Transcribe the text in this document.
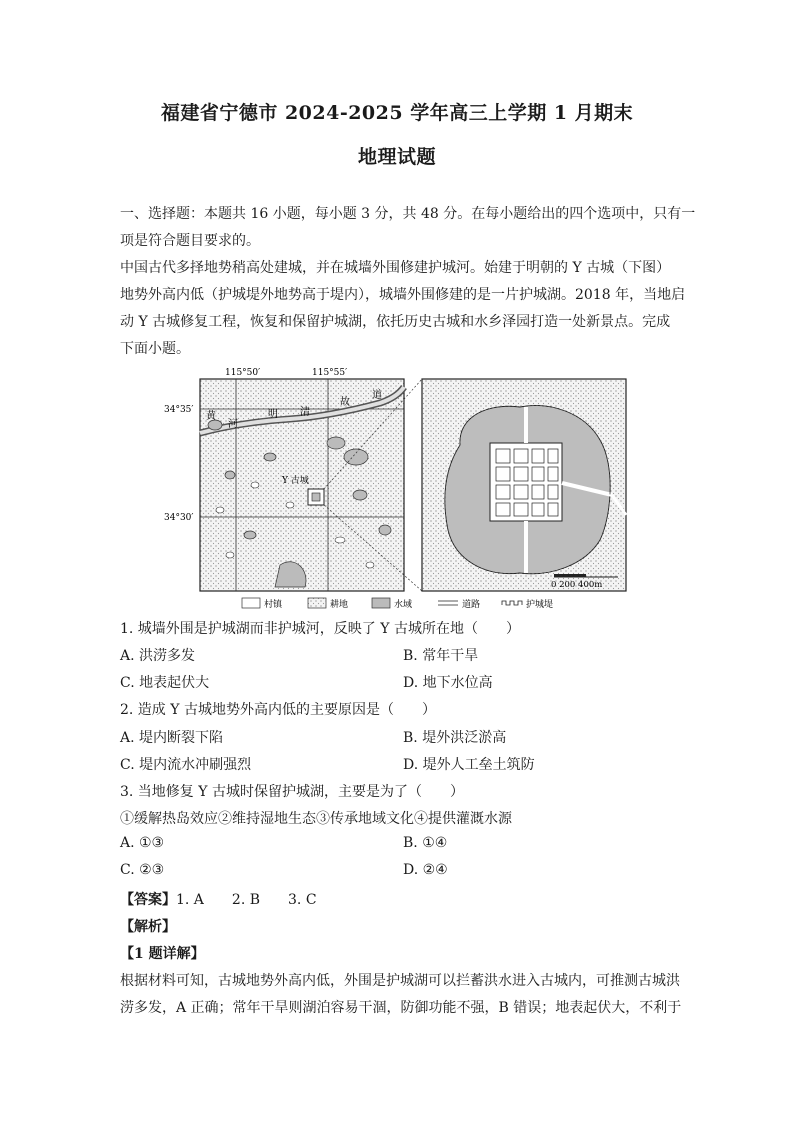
福建省宁德市 2024-2025 学年高三上学期 1 月期末
地理试题
一、选择题：本题共 16 小题，每小题 3 分，共 48 分。在每小题给出的四个选项中，只有一
项是符合题目要求的。
中国古代多择地势稍高处建城，并在城墙外围修建护城河。始建于明朝的 Y 古城（下图）
地势外高内低（护城堤外地势高于堤内），城墙外围修建的是一片护城湖。2018 年，当地启
动 Y 古城修复工程，恢复和保留护城湖，依托历史古城和水乡泽园打造一处新景点。完成
下面小题。
115°50′	115°55′
34°35′
34°30′
黄
河
明 清
故
道
Y 古城
0 200 400m
村镇	耕地	水域	道路	护城堤
1. 城墙外围是护城湖而非护城河，反映了 Y 古城所在地（　　）
A. 洪涝多发	B. 常年干旱
C. 地表起伏大	D. 地下水位高
2. 造成 Y 古城地势外高内低的主要原因是（　　）
A. 堤内断裂下陷	B. 堤外洪泛淤高
C. 堤内流水冲刷强烈	D. 堤外人工垒土筑防
3. 当地修复 Y 古城时保留护城湖，主要是为了（　　）
①缓解热岛效应②维持湿地生态③传承地域文化④提供灌溉水源
A. ①③	B. ①④
C. ②③	D. ②④
【答案】1. A　　2. B　　3. C
【解析】
【1 题详解】
根据材料可知，古城地势外高内低，外围是护城湖可以拦蓄洪水进入古城内，可推测古城洪
涝多发，A 正确；常年干旱则湖泊容易干涸，防御功能不强，B 错误；地表起伏大，不利于
